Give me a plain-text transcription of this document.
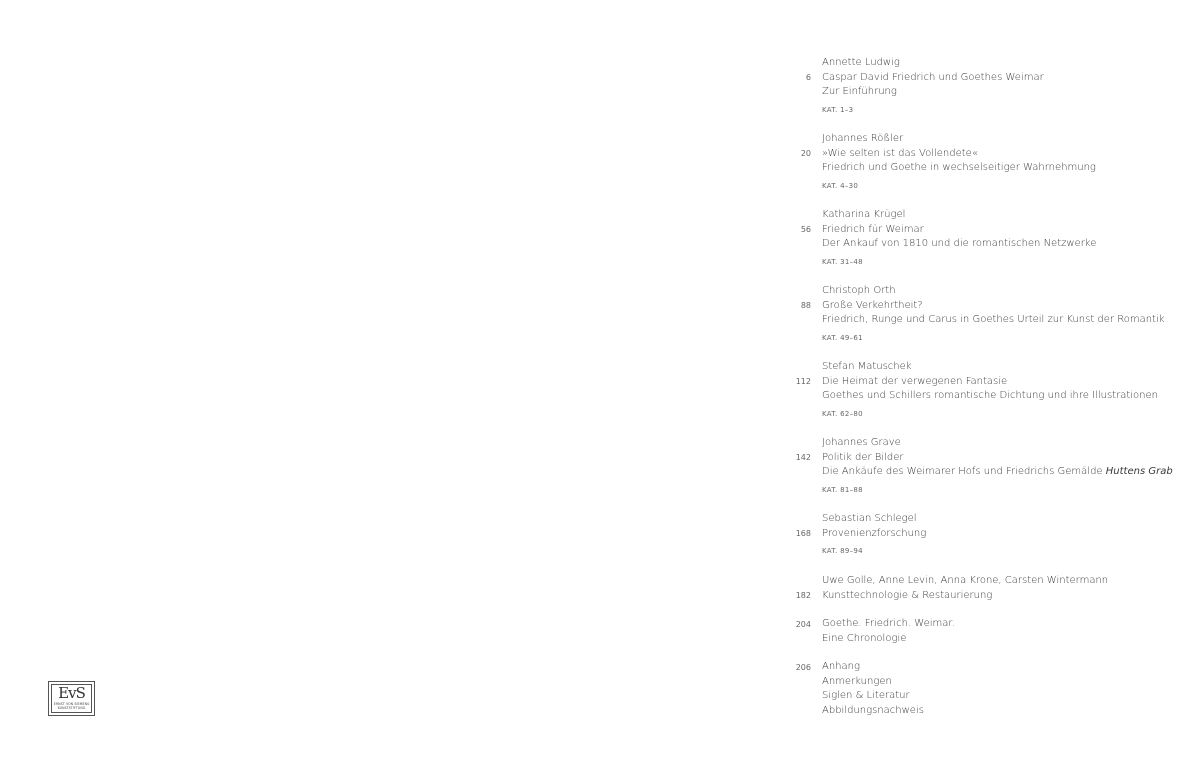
EvS
ERNST VON SIEMENS
KUNSTSTIFTUNG
6
Annette Ludwig
Caspar David Friedrich und Goethes Weimar
Zur Einführung
KAT. 1–3
20
Johannes Rößler
»Wie selten ist das Vollendete«
Friedrich und Goethe in wechselseitiger Wahrnehmung
KAT. 4–30
56
Katharina Krügel
Friedrich für Weimar
Der Ankauf von 1810 und die romantischen Netzwerke
KAT. 31–48
88
Christoph Orth
Große Verkehrtheit?
Friedrich, Runge und Carus in Goethes Urteil zur Kunst der Romantik
KAT. 49–61
112
Stefan Matuschek
Die Heimat der verwegenen Fantasie
Goethes und Schillers romantische Dichtung und ihre Illustrationen
KAT. 62–80
142
Johannes Grave
Politik der Bilder
Die Ankäufe des Weimarer Hofs und Friedrichs Gemälde Huttens Grab
KAT. 81–88
168
Sebastian Schlegel
Provenienzforschung
KAT. 89–94
182
Uwe Golle, Anne Levin, Anna Krone, Carsten Wintermann
Kunsttechnologie & Restaurierung
204 Goethe. Friedrich. Weimar.
Eine Chronologie
206 Anhang
Anmerkungen
Siglen & Literatur
Abbildungsnachweis
